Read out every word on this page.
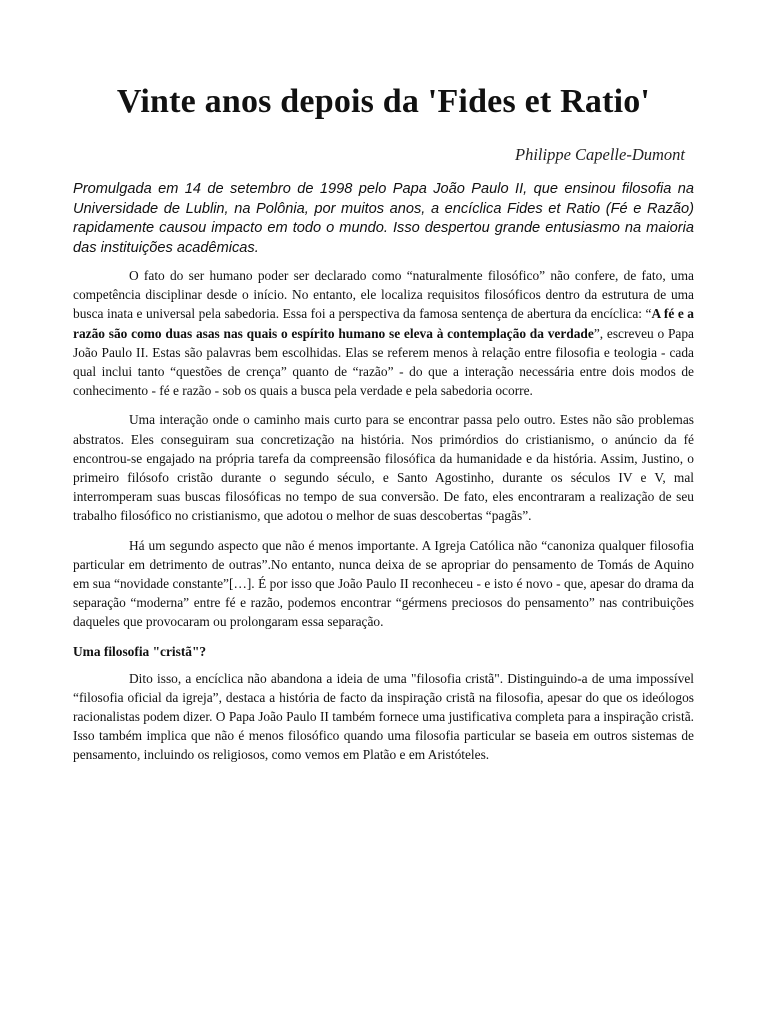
Vinte anos depois da 'Fides et Ratio'
Philippe Capelle-Dumont

Promulgada em 14 de setembro de 1998 pelo Papa João Paulo II, que ensinou filosofia na Universidade de Lublin, na Polônia, por muitos anos, a encíclica Fides et Ratio (Fé e Razão) rapidamente causou impacto em todo o mundo. Isso despertou grande entusiasmo na maioria das instituições acadêmicas.

O fato do ser humano poder ser declarado como “naturalmente filosófico” não confere, de fato, uma competência disciplinar desde o início. No entanto, ele localiza requisitos filosóficos dentro da estrutura de uma busca inata e universal pela sabedoria. Essa foi a perspectiva da famosa sentença de abertura da encíclica: “A fé e a razão são como duas asas nas quais o espírito humano se eleva à contemplação da verdade”, escreveu o Papa João Paulo II. Estas são palavras bem escolhidas. Elas se referem menos à relação entre filosofia e teologia - cada qual inclui tanto “questões de crença” quanto de “razão” - do que a interação necessária entre dois modos de conhecimento - fé e razão - sob os quais a busca pela verdade e pela sabedoria ocorre.

Uma interação onde o caminho mais curto para se encontrar passa pelo outro. Estes não são problemas abstratos. Eles conseguiram sua concretização na história. Nos primórdios do cristianismo, o anúncio da fé encontrou-se engajado na própria tarefa da compreensão filosófica da humanidade e da história. Assim, Justino, o primeiro filósofo cristão durante o segundo século, e Santo Agostinho, durante os séculos IV e V, mal interromperam suas buscas filosóficas no tempo de sua conversão. De fato, eles encontraram a realização de seu trabalho filosófico no cristianismo, que adotou o melhor de suas descobertas “pagãs”.

Há um segundo aspecto que não é menos importante. A Igreja Católica não “canoniza qualquer filosofia particular em detrimento de outras”.No entanto, nunca deixa de se apropriar do pensamento de Tomás de Aquino em sua “novidade constante”[…]. É por isso que João Paulo II reconheceu - e isto é novo - que, apesar do drama da separação “moderna” entre fé e razão, podemos encontrar “gérmens preciosos do pensamento” nas contribuições daqueles que provocaram ou prolongaram essa separação.

Uma filosofia "cristã"?

Dito isso, a encíclica não abandona a ideia de uma "filosofia cristã". Distinguindo-a de uma impossível “filosofia oficial da igreja”, destaca a história de facto da inspiração cristã na filosofia, apesar do que os ideólogos racionalistas podem dizer. O Papa João Paulo II também fornece uma justificativa completa para a inspiração cristã. Isso também implica que não é menos filosófico quando uma filosofia particular se baseia em outros sistemas de pensamento, incluindo os religiosos, como vemos em Platão e em Aristóteles.
